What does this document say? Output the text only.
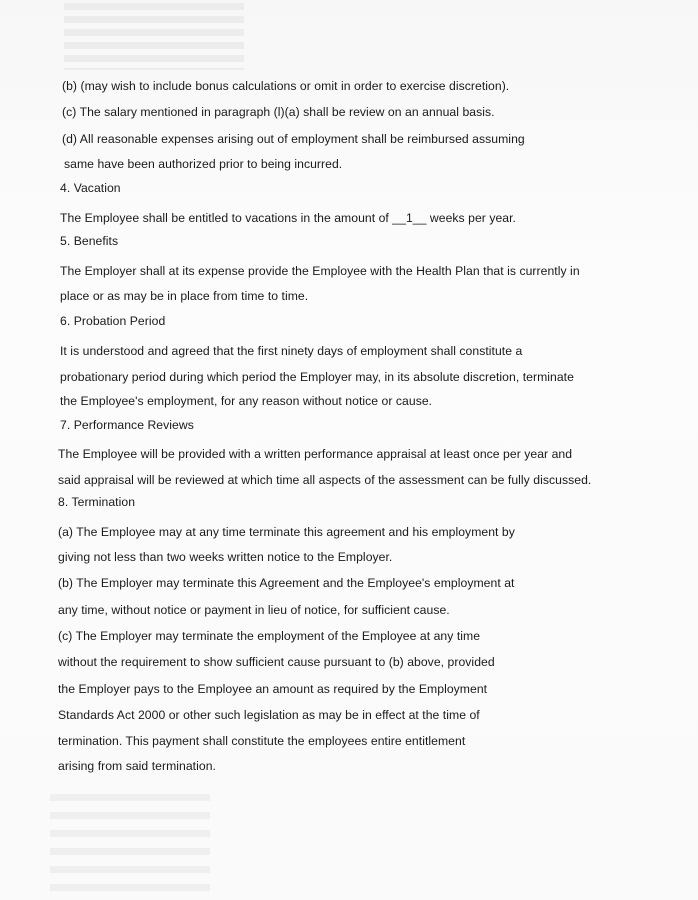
(b) (may wish to include bonus calculations or omit in order to exercise discretion).
(c) The salary mentioned in paragraph (l)(a) shall be review on an annual basis.
(d) All reasonable expenses arising out of employment shall be reimbursed assuming
same have been authorized prior to being incurred.
4. Vacation
The Employee shall be entitled to vacations in the amount of __1__ weeks per year.
5. Benefits
The Employer shall at its expense provide the Employee with the Health Plan that is currently in
place or as may be in place from time to time.
6. Probation Period
It is understood and agreed that the first ninety days of employment shall constitute a
probationary period during which period the Employer may, in its absolute discretion, terminate
the Employee's employment, for any reason without notice or cause.
7. Performance Reviews
The Employee will be provided with a written performance appraisal at least once per year and
said appraisal will be reviewed at which time all aspects of the assessment can be fully discussed.
8. Termination
(a) The Employee may at any time terminate this agreement and his employment by
giving not less than two weeks written notice to the Employer.
(b) The Employer may terminate this Agreement and the Employee's employment at
any time, without notice or payment in lieu of notice, for sufficient cause.
(c) The Employer may terminate the employment of the Employee at any time
without the requirement to show sufficient cause pursuant to (b) above, provided
the Employer pays to the Employee an amount as required by the Employment
Standards Act 2000 or other such legislation as may be in effect at the time of
termination. This payment shall constitute the employees entire entitlement
arising from said termination.
